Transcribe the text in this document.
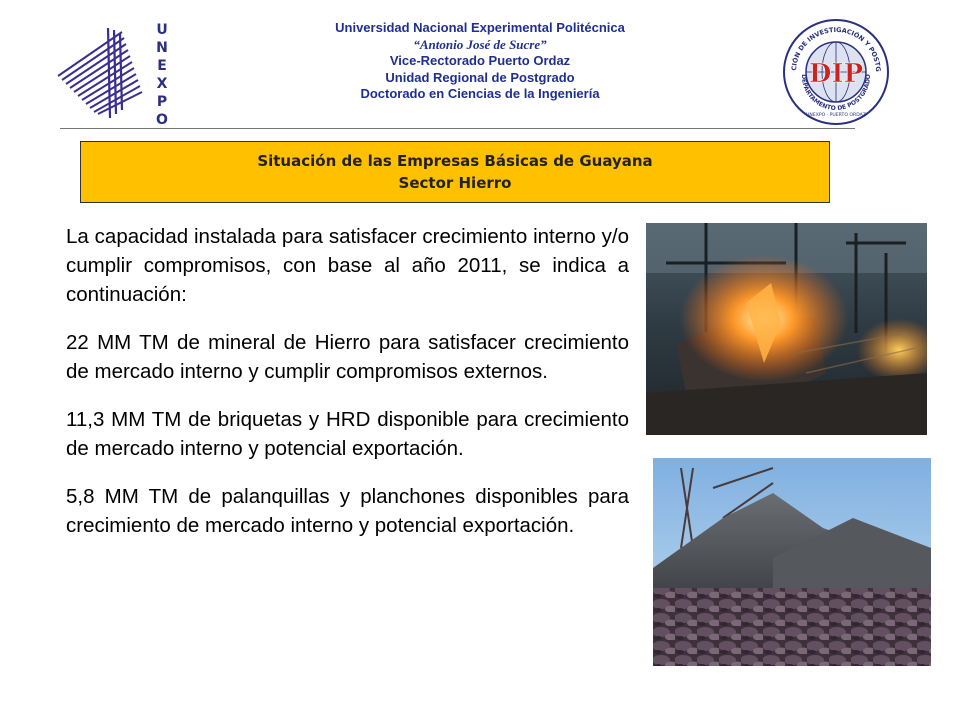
U
N
E
X
P
O
Universidad Nacional Experimental Politécnica
“Antonio José de Sucre”
Vice-Rectorado Puerto Ordaz
Unidad Regional de Postgrado
Doctorado en Ciencias de la Ingeniería
CIÓN DE INVESTIGACIÓN Y POSTG
DEPARTAMENTO DE POSTGRADO
DIP
UNEXPO · PUERTO ORDAZ
Situación de las Empresas Básicas de Guayana
Sector Hierro

La capacidad instalada para satisfacer crecimiento interno y/o cumplir compromisos, con base al año 2011, se indica a continuación:

22 MM TM de mineral de Hierro para satisfacer crecimiento de mercado interno y cumplir compromisos externos.

11,3 MM TM de briquetas y HRD disponible para crecimiento de mercado interno y potencial exportación.

5,8 MM TM de palanquillas y planchones disponibles para crecimiento de mercado interno y potencial exportación.
